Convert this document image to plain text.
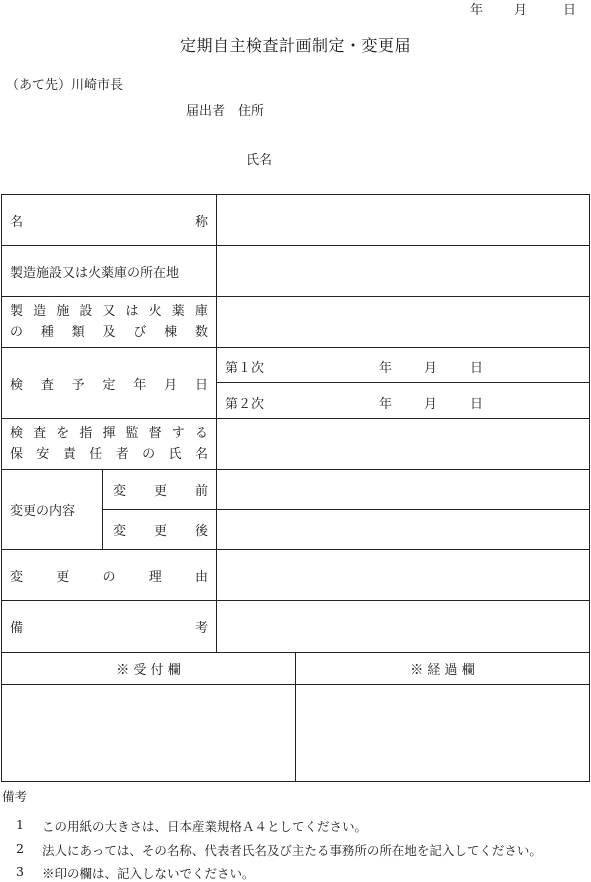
年 月	日
定期自主検査計画制定・変更届
（あて先）川崎市長
届出者　住所
氏名
名	称
製造施設又は火薬庫の所在地
製 造 施 設 又 は 火 薬 庫
の 種 類 及 び 棟 数
検 査 予 定 年 月 日
第１次	年 月	日
第２次	年 月	日
検 査 を 指 揮 監 督 す る
保 安 責 任 者 の 氏 名
変更の内容
変 更 前
変 更 後
変	更	の	理	由
備	考
※ 受 付 欄	※ 経 過 欄
備考
1 この用紙の大きさは、日本産業規格Ａ４としてください。
2 法人にあっては、その名称、代表者氏名及び主たる事務所の所在地を記入してください。
3 ※印の欄は、記入しないでください。
